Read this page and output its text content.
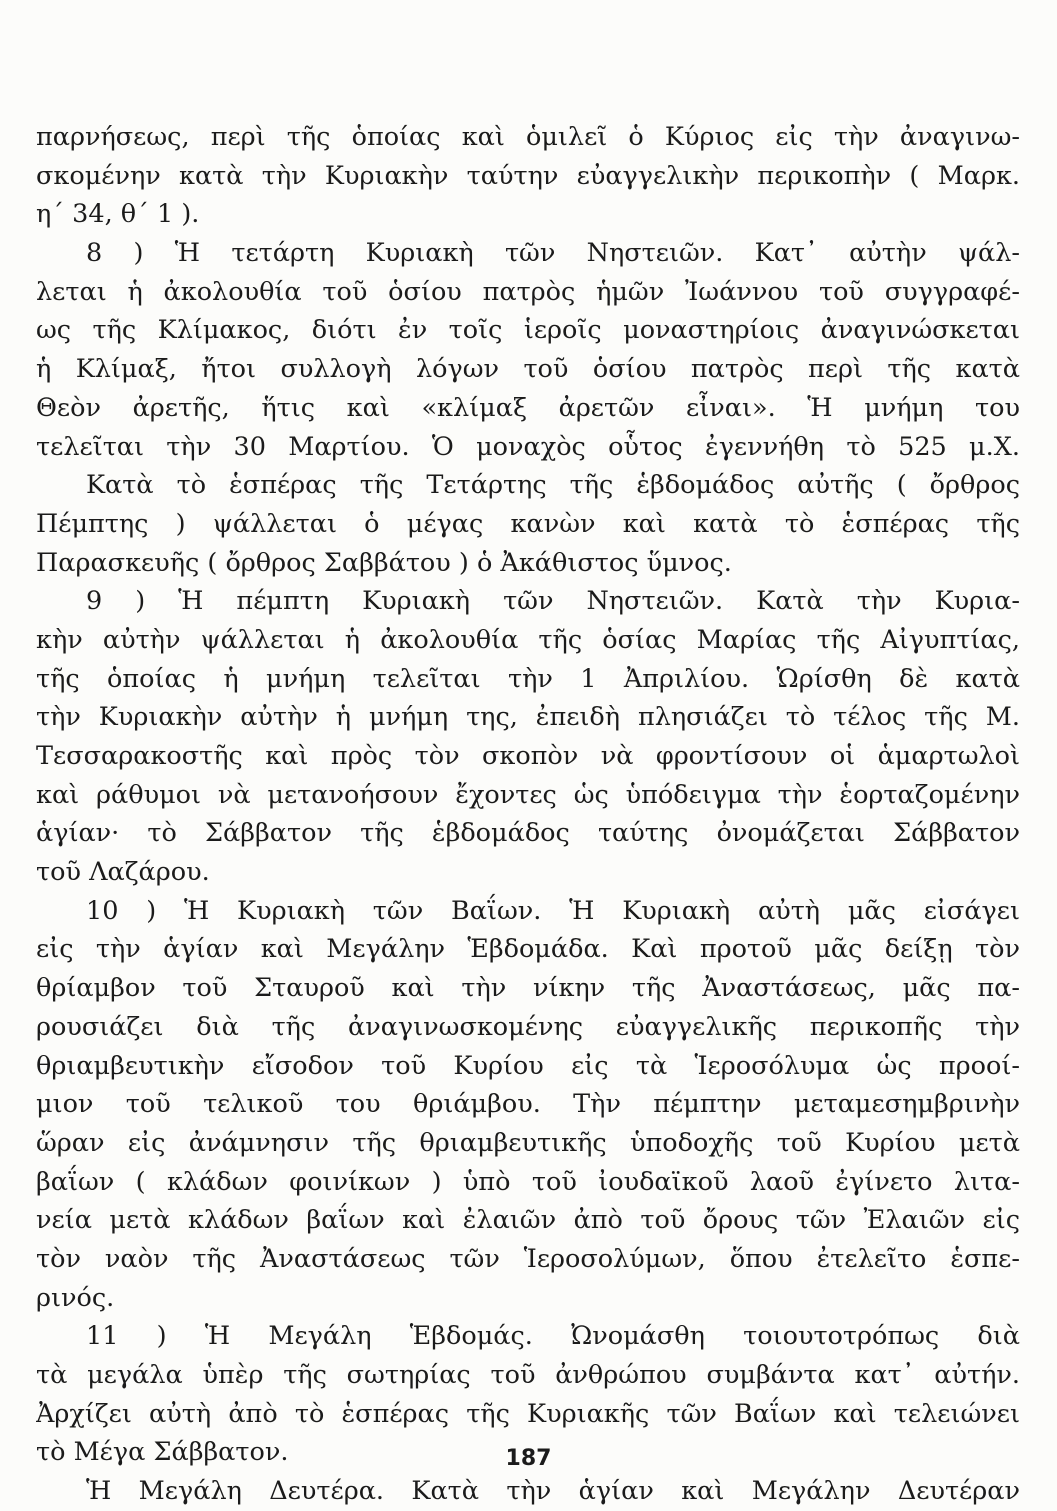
παρνήσεως, περὶ τῆς ὁποίας καὶ ὁμιλεῖ ὁ Κύριος εἰς τὴν ἀναγινω-
σκομένην κατὰ τὴν Κυριακὴν ταύτην εὐαγγελικὴν περικοπὴν ( Μαρκ.
η΄ 34, θ΄ 1 ).
8 ) Ἡ τετάρτη Κυριακὴ τῶν Νηστειῶν. Κατ᾽ αὐτὴν ψάλ-
λεται ἡ ἀκολουθία τοῦ ὁσίου πατρὸς ἡμῶν Ἰωάννου τοῦ συγγραφέ-
ως τῆς Κλίμακος, διότι ἐν τοῖς ἱεροῖς μοναστηρίοις ἀναγινώσκεται
ἡ Κλίμαξ, ἤτοι συλλογὴ λόγων τοῦ ὁσίου πατρὸς περὶ τῆς κατὰ
Θεὸν ἀρετῆς, ἥτις καὶ «κλίμαξ ἀρετῶν εἶναι». Ἡ μνήμη του
τελεῖται τὴν 30 Μαρτίου. Ὁ μοναχὸς οὗτος ἐγεννήθη τὸ 525 μ.Χ.
Κατὰ τὸ ἑσπέρας τῆς Τετάρτης τῆς ἑβδομάδος αὐτῆς ( ὄρθρος
Πέμπτης ) ψάλλεται ὁ μέγας κανὼν καὶ κατὰ τὸ ἑσπέρας τῆς
Παρασκευῆς ( ὄρθρος Σαββάτου ) ὁ Ἀκάθιστος ὕμνος.
9 ) Ἡ πέμπτη Κυριακὴ τῶν Νηστειῶν. Κατὰ τὴν Κυρια-
κὴν αὐτὴν ψάλλεται ἡ ἀκολουθία τῆς ὁσίας Μαρίας τῆς Αἰγυπτίας,
τῆς ὁποίας ἡ μνήμη τελεῖται τὴν 1 Ἀπριλίου. Ὡρίσθη δὲ κατὰ
τὴν Κυριακὴν αὐτὴν ἡ μνήμη της, ἐπειδὴ πλησιάζει τὸ τέλος τῆς Μ.
Τεσσαρακοστῆς καὶ πρὸς τὸν σκοπὸν νὰ φροντίσουν οἱ ἁμαρτωλοὶ
καὶ ράθυμοι νὰ μετανοήσουν ἔχοντες ὡς ὑπόδειγμα τὴν ἑορταζομένην
ἁγίαν· τὸ Σάββατον τῆς ἑβδομάδος ταύτης ὀνομάζεται Σάββατον
τοῦ Λαζάρου.
10 ) Ἡ Κυριακὴ τῶν Βαΐων. Ἡ Κυριακὴ αὐτὴ μᾶς εἰσάγει
εἰς τὴν ἁγίαν καὶ Μεγάλην Ἑβδομάδα. Καὶ προτοῦ μᾶς δείξῃ τὸν
θρίαμβον τοῦ Σταυροῦ καὶ τὴν νίκην τῆς Ἀναστάσεως, μᾶς πα-
ρουσιάζει διὰ τῆς ἀναγινωσκομένης εὐαγγελικῆς περικοπῆς τὴν
θριαμβευτικὴν εἴσοδον τοῦ Κυρίου εἰς τὰ Ἱεροσόλυμα ὡς προοί-
μιον τοῦ τελικοῦ του θριάμβου. Τὴν πέμπτην μεταμεσημβρινὴν
ὥραν εἰς ἀνάμνησιν τῆς θριαμβευτικῆς ὑποδοχῆς τοῦ Κυρίου μετὰ
βαΐων ( κλάδων φοινίκων ) ὑπὸ τοῦ ἰουδαϊκοῦ λαοῦ ἐγίνετο λιτα-
νεία μετὰ κλάδων βαΐων καὶ ἐλαιῶν ἀπὸ τοῦ ὄρους τῶν Ἐλαιῶν εἰς
τὸν ναὸν τῆς Ἀναστάσεως τῶν Ἱεροσολύμων, ὅπου ἐτελεῖτο ἑσπε-
ρινός.
11 ) Ἡ Μεγάλη Ἑβδομάς. Ὠνομάσθη τοιουτοτρόπως διὰ
τὰ μεγάλα ὑπὲρ τῆς σωτηρίας τοῦ ἀνθρώπου συμβάντα κατ᾽ αὐτήν.
Ἀρχίζει αὐτὴ ἀπὸ τὸ ἑσπέρας τῆς Κυριακῆς τῶν Βαΐων καὶ τελειώνει
τὸ Μέγα Σάββατον.
Ἡ Μεγάλη Δευτέρα. Κατὰ τὴν ἁγίαν καὶ Μεγάλην Δευτέραν
187
